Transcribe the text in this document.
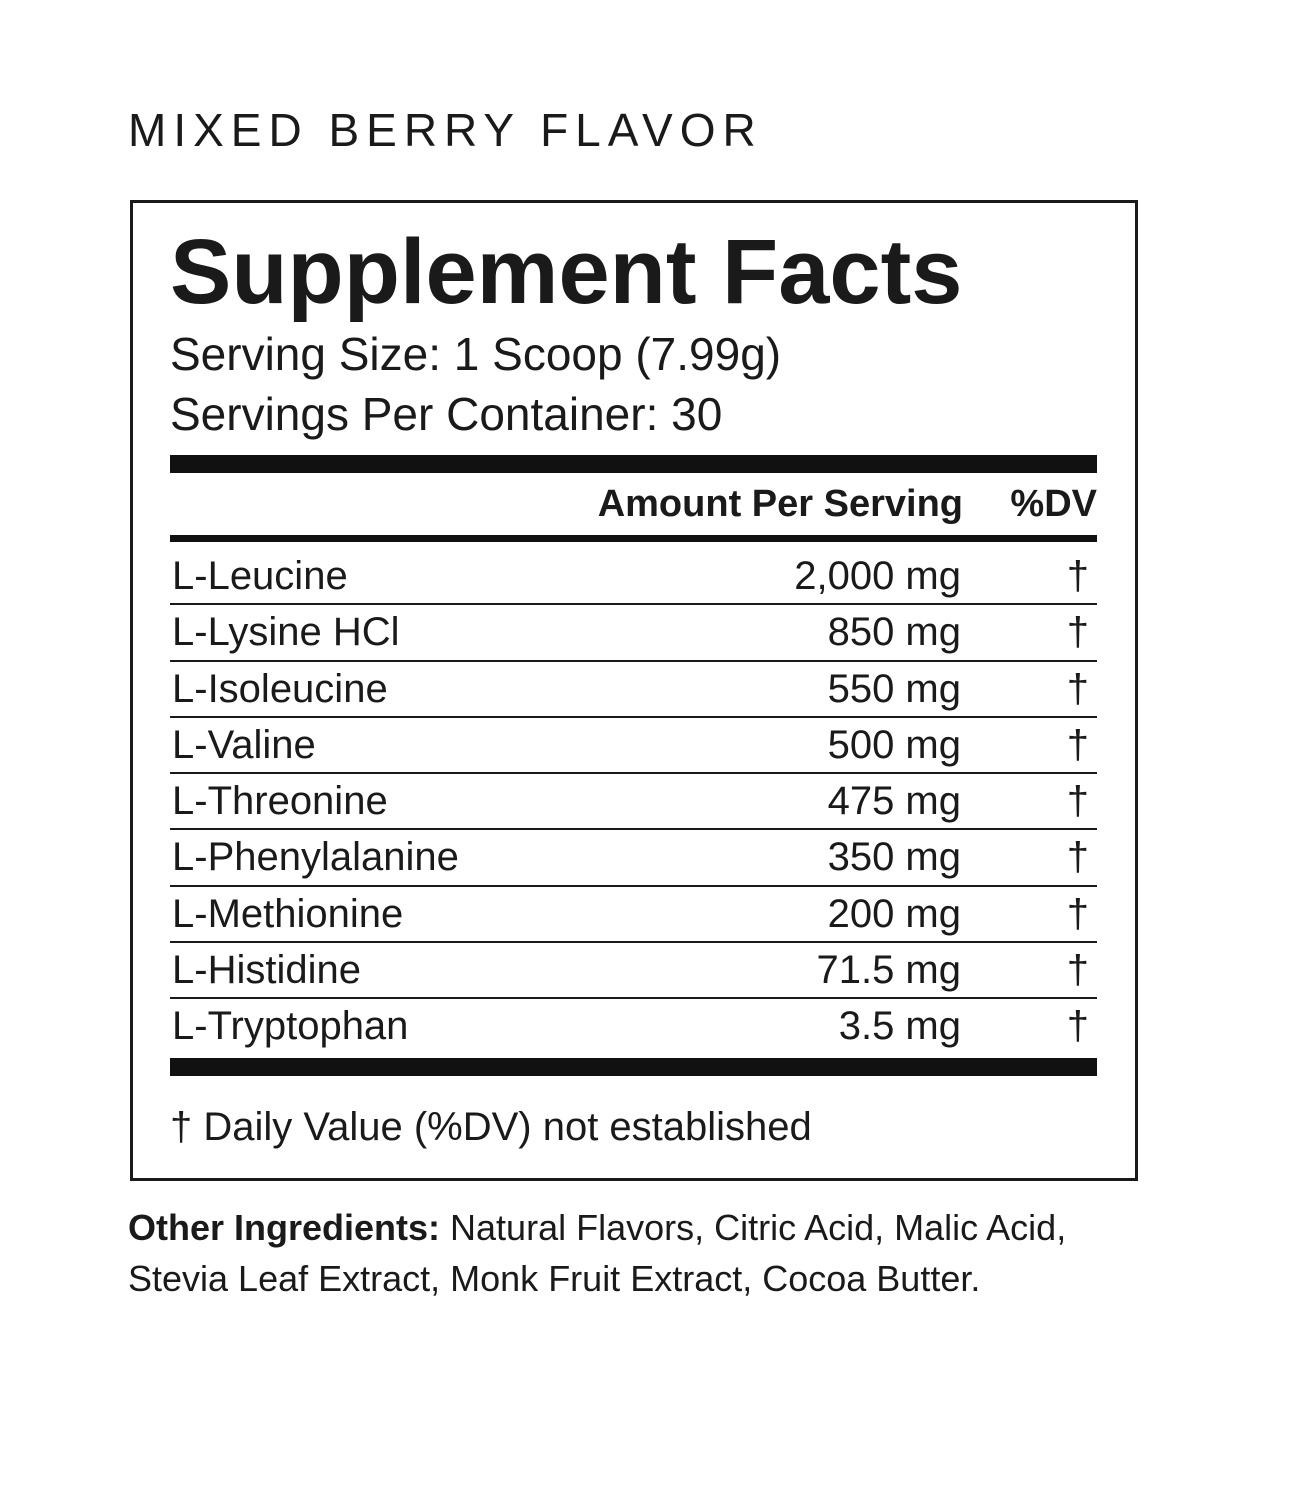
MIXED BERRY FLAVOR
Supplement Facts
Serving Size: 1 Scoop (7.99g)
Servings Per Container: 30
Amount Per Serving %DV
L-Leucine	2,000 mg	†
L-Lysine HCl	850 mg	†
L-Isoleucine	550 mg	†
L-Valine	500 mg	†
L-Threonine	475 mg	†
L-Phenylalanine	350 mg	†
L-Methionine	200 mg	†
L-Histidine	71.5 mg	†
L-Tryptophan	3.5 mg	†
† Daily Value (%DV) not established
Other Ingredients: Natural Flavors, Citric Acid, Malic Acid, Stevia Leaf Extract, Monk Fruit Extract, Cocoa Butter.
